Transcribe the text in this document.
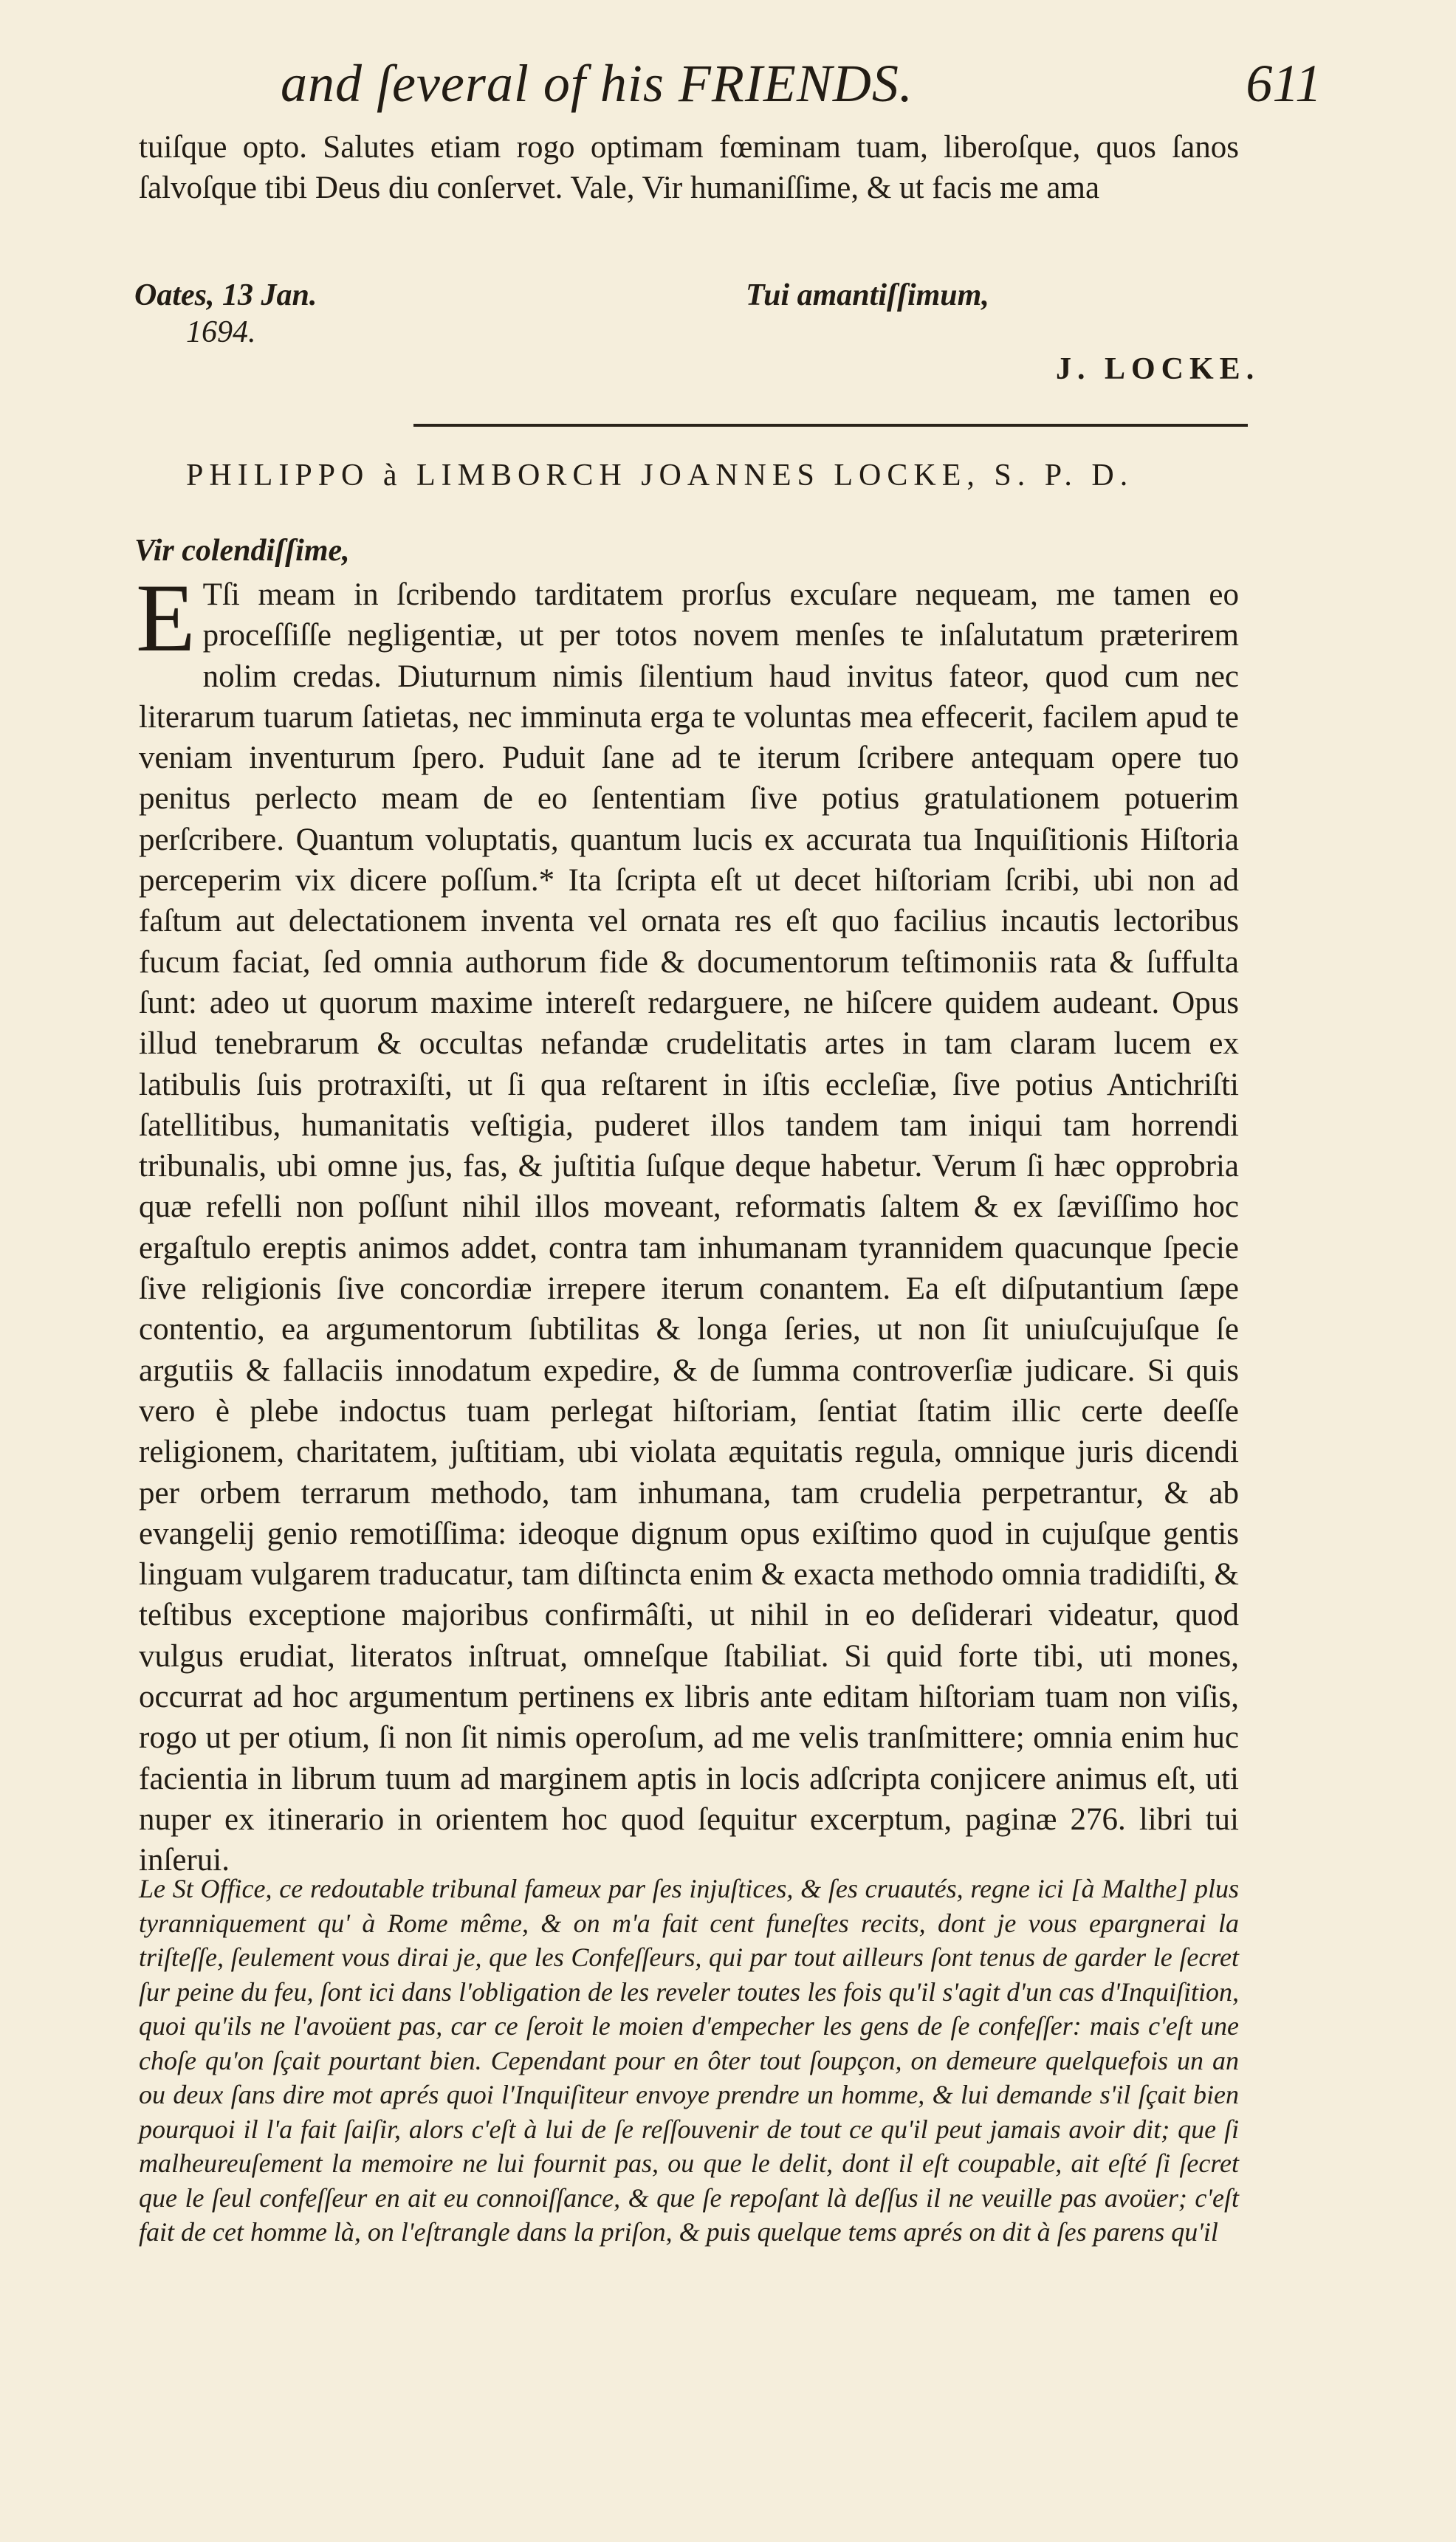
and ſeveral of his FRIENDS.	611

tuiſque opto. Salutes etiam rogo optimam fœminam tuam, liberoſque, quos ſanos ſalvoſque tibi Deus diu conſervet. Vale, Vir humaniſſime, & ut facis me ama

Oates, 13 Jan.
1694.
Tui amantiſſimum,
J. LOCKE.
PHILIPPO à LIMBORCH JOANNES LOCKE, S. P. D.
Vir colendiſſime,

E Tſi meam in ſcribendo tarditatem prorſus excuſare nequeam, me tamen eo proceſſiſſe negligentiæ, ut per totos novem menſes te inſalutatum præterirem nolim credas. Diuturnum nimis ſilentium haud invitus fateor, quod cum nec literarum tuarum ſatietas, nec imminuta erga te voluntas mea effecerit, facilem apud te veniam inventurum ſpero. Puduit ſane ad te iterum ſcribere antequam opere tuo penitus perlecto meam de eo ſententiam ſive potius gratulationem potuerim perſcribere. Quantum voluptatis, quantum lucis ex accurata tua Inquiſitionis Hiſtoria perceperim vix dicere poſſum.* Ita ſcripta eſt ut decet hiſtoriam ſcribi, ubi non ad faſtum aut delectationem inventa vel ornata res eſt quo facilius incautis lectoribus fucum faciat, ſed omnia authorum fide & documentorum teſtimoniis rata & ſuffulta ſunt: adeo ut quorum maxime intereſt redarguere, ne hiſcere quidem audeant. Opus illud tenebrarum & occultas nefandæ crudelitatis artes in tam claram lucem ex latibulis ſuis protraxiſti, ut ſi qua reſtarent in iſtis eccleſiæ, ſive potius Antichriſti ſatellitibus, humanitatis veſtigia, puderet illos tandem tam iniqui tam horrendi tribunalis, ubi omne jus, fas, & juſtitia ſuſque deque habetur. Verum ſi hæc opprobria quæ refelli non poſſunt nihil illos moveant, reformatis ſaltem & ex ſæviſſimo hoc ergaſtulo ereptis animos addet, contra tam inhumanam tyrannidem quacunque ſpecie ſive religionis ſive concordiæ irrepere iterum conantem. Ea eſt diſputantium ſæpe contentio, ea argumentorum ſubtilitas & longa ſeries, ut non ſit uniuſcujuſque ſe argutiis & fallaciis innodatum expedire, & de ſumma controverſiæ judicare. Si quis vero è plebe indoctus tuam perlegat hiſtoriam, ſentiat ſtatim illic certe deeſſe religionem, charitatem, juſtitiam, ubi violata æquitatis regula, omnique juris dicendi per orbem terrarum methodo, tam inhumana, tam crudelia perpetrantur, & ab evangelij genio remotiſſima: ideoque dignum opus exiſtimo quod in cujuſque gentis linguam vulgarem traducatur, tam diſtincta enim & exacta methodo omnia tradidiſti, & teſtibus exceptione majoribus confirmâſti, ut nihil in eo deſiderari videatur, quod vulgus erudiat, literatos inſtruat, omneſque ſtabiliat. Si quid forte tibi, uti mones, occurrat ad hoc argumentum pertinens ex libris ante editam hiſtoriam tuam non viſis, rogo ut per otium, ſi non ſit nimis operoſum, ad me velis tranſmittere; omnia enim huc facientia in librum tuum ad marginem aptis in locis adſcripta conjicere animus eſt, uti nuper ex itinerario in orientem hoc quod ſequitur excerptum, paginæ 276. libri tui inſerui.

Le St Office, ce redoutable tribunal fameux par ſes injuſtices, & ſes cruautés, regne ici [à Malthe] plus tyranniquement qu' à Rome même, & on m'a fait cent funeſtes recits, dont je vous epargnerai la triſteſſe, ſeulement vous dirai je, que les Confeſſeurs, qui par tout ailleurs ſont tenus de garder le ſecret ſur peine du feu, ſont ici dans l'obligation de les reveler toutes les fois qu'il s'agit d'un cas d'Inquiſition, quoi qu'ils ne l'avoüent pas, car ce ſeroit le moien d'empecher les gens de ſe confeſſer: mais c'eſt une choſe qu'on ſçait pourtant bien. Cependant pour en ôter tout ſoupçon, on demeure quelquefois un an ou deux ſans dire mot aprés quoi l'Inquiſiteur envoye prendre un homme, & lui demande s'il ſçait bien pourquoi il l'a fait ſaiſir, alors c'eſt à lui de ſe reſſouvenir de tout ce qu'il peut jamais avoir dit; que ſi malheureuſement la memoire ne lui fournit pas, ou que le delit, dont il eſt coupable, ait eſté ſi ſecret que le ſeul confeſſeur en ait eu connoiſſance, & que ſe repoſant là deſſus il ne veuille pas avoüer; c'eſt fait de cet homme là, on l'eſtrangle dans la priſon, & puis quelque tems aprés on dit à ſes parens qu'il
